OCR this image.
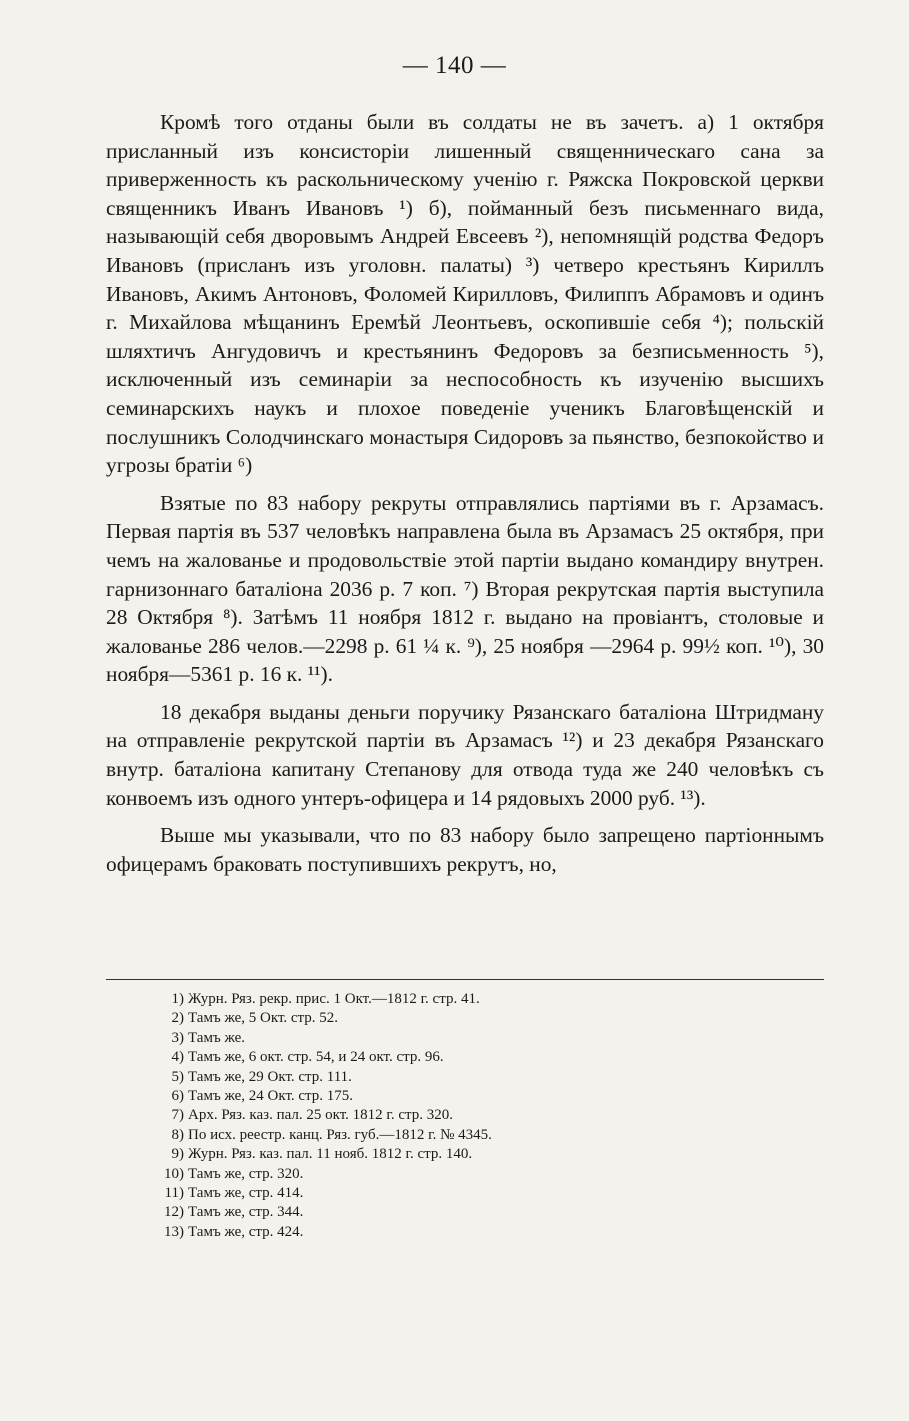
— 140 —

Кромѣ того отданы были въ солдаты не въ зачетъ. а) 1 октября присланный изъ консисторіи лишенный священническаго сана за приверженность къ раскольническому ученію г. Ряжска Покровской церкви священникъ Иванъ Ивановъ ¹) б), пойманный безъ письменнаго вида, называющій себя дворовымъ Андрей Евсеевъ ²), непомнящій родства Федоръ Ивановъ (присланъ изъ уголовн. палаты) ³) четверо крестьянъ Кириллъ Ивановъ, Акимъ Антоновъ, Фоломей Кирилловъ, Филиппъ Абрамовъ и одинъ г. Михайлова мѣщанинъ Еремѣй Леонтьевъ, оскопившіе себя ⁴); польскій шляхтичъ Ангудовичъ и крестьянинъ Федоровъ за безписьменность ⁵), исключенный изъ семинаріи за неспособность къ изученію высшихъ семинарскихъ наукъ и плохое поведеніе ученикъ Благовѣщенскій и послушникъ Солодчинскаго монастыря Сидоровъ за пьянство, безпокойство и угрозы братіи ⁶)

Взятые по 83 набору рекруты отправлялись партіями въ г. Арзамасъ. Первая партія въ 537 человѣкъ направлена была въ Арзамасъ 25 октября, при чемъ на жалованье и продовольствіе этой партіи выдано командиру внутрен. гарнизоннаго баталіона 2036 р. 7 коп. ⁷) Вторая рекрутская партія выступила 28 Октября ⁸). Затѣмъ 11 ноября 1812 г. выдано на провіантъ, столовые и жалованье 286 челов.—2298 р. 61 ¼ к. ⁹), 25 ноября —2964 р. 99½ коп. ¹⁰), 30 ноября—5361 р. 16 к. ¹¹).

18 декабря выданы деньги поручику Рязанскаго баталіона Штридману на отправленіе рекрутской партіи въ Арзамасъ ¹²) и 23 декабря Рязанскаго внутр. баталіона капитану Степанову для отвода туда же 240 человѣкъ съ конвоемъ изъ одного унтеръ-офицера и 14 рядовыхъ 2000 руб. ¹³).

Выше мы указывали, что по 83 набору было запрещено партіоннымъ офицерамъ браковать поступившихъ рекрутъ, но,

1) Журн. Ряз. рекр. прис. 1 Окт.—1812 г. стр. 41.
2) Тамъ же, 5 Окт. стр. 52.
3) Тамъ же.
4) Тамъ же, 6 окт. стр. 54, и 24 окт. стр. 96.
5) Тамъ же, 29 Окт. стр. 111.
6) Тамъ же, 24 Окт. стр. 175.
7) Арх. Ряз. каз. пал. 25 окт. 1812 г. стр. 320.
8) По исх. реестр. канц. Ряз. губ.—1812 г. № 4345.
9) Журн. Ряз. каз. пал. 11 нояб. 1812 г. стр. 140.
10) Тамъ же, стр. 320.
11) Тамъ же, стр. 414.
12) Тамъ же, стр. 344.
13) Тамъ же, стр. 424.
